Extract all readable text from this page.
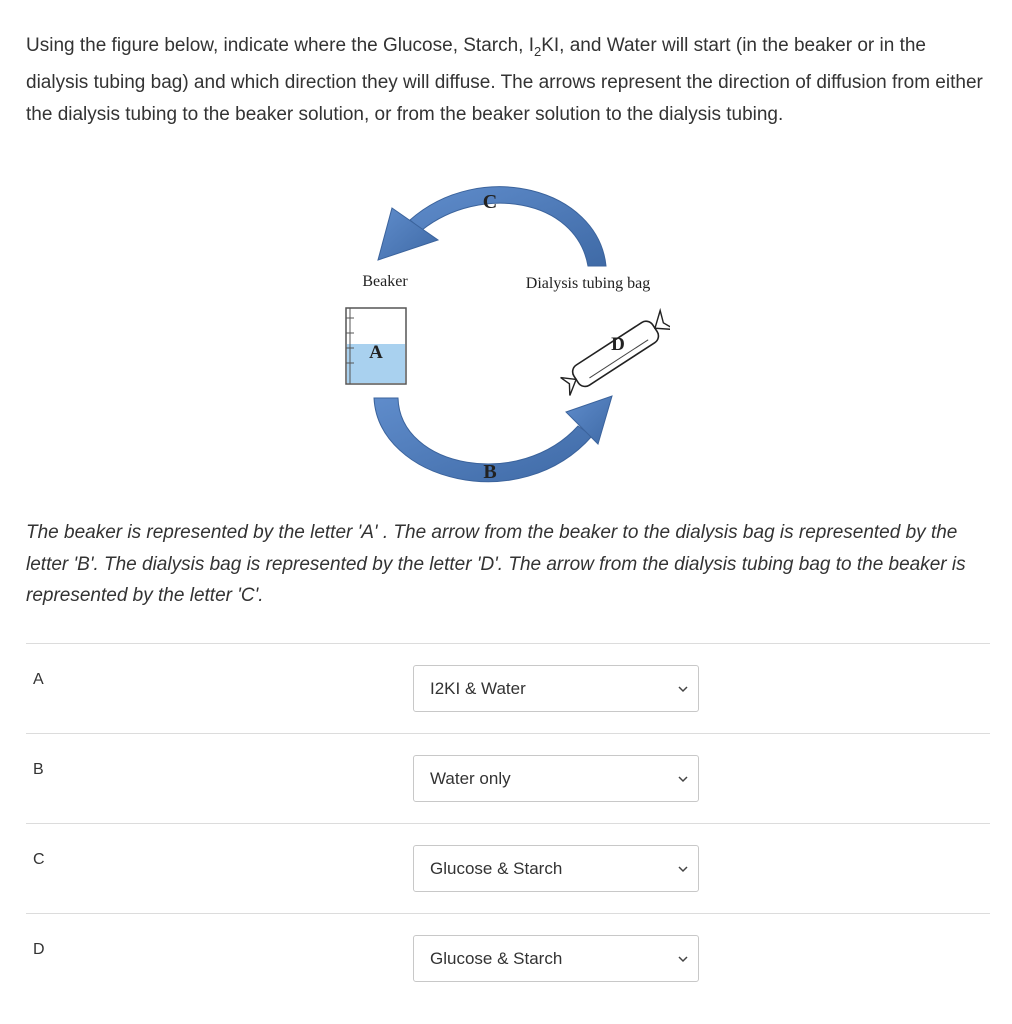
Using the figure below, indicate where the Glucose, Starch, $I_2KI$, and Water will start (in the beaker or in the dialysis tubing bag) and which direction they will diffuse. The arrows represent the direction of diffusion from either the dialysis tubing to the beaker solution, or from the beaker solution to the dialysis tubing.

C
Beaker	Dialysis tubing bag
A	D
B

The beaker is represented by the letter 'A' . The arrow from the beaker to the dialysis bag is represented by the letter 'B'. The dialysis bag is represented by the letter 'D'. The arrow from the dialysis tubing bag to the beaker is represented by the letter 'C'.

A	I2KI & Water
B	Water only
C	Glucose & Starch
D	Glucose & Starch
